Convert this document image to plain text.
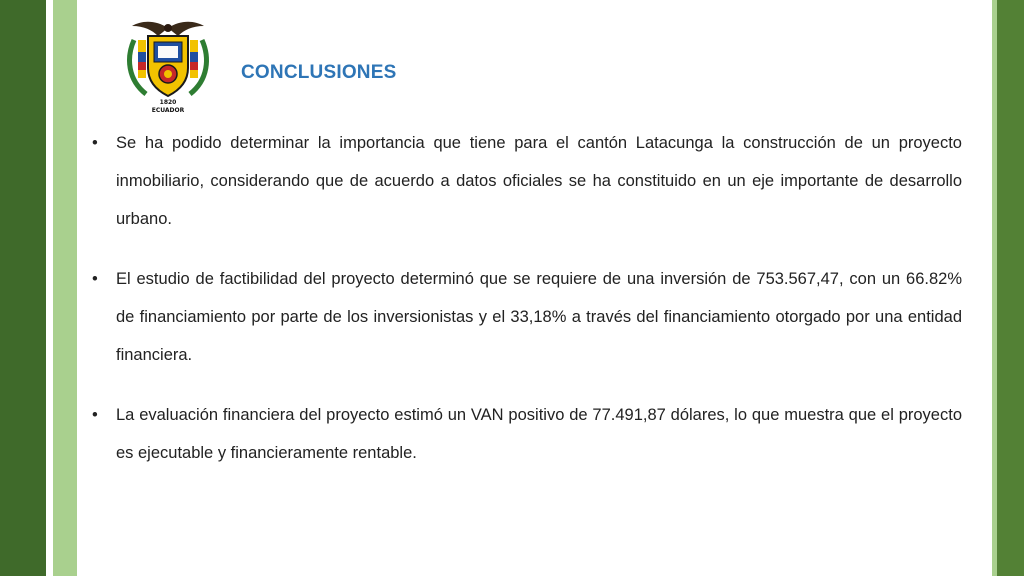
1820
ECUADOR
CONCLUSIONES
• Se ha podido determinar la importancia que tiene para el cantón Latacunga la construcción de un proyecto inmobiliario, considerando que de acuerdo a datos oficiales se ha constituido en un eje importante de desarrollo urbano.
• El estudio de factibilidad del proyecto determinó que se requiere de una inversión de 753.567,47, con un 66.82% de financiamiento por parte de los inversionistas y el 33,18% a través del financiamiento otorgado por una entidad financiera.
• La evaluación financiera del proyecto estimó un VAN positivo de 77.491,87 dólares, lo que muestra que el proyecto es ejecutable y financieramente rentable.
